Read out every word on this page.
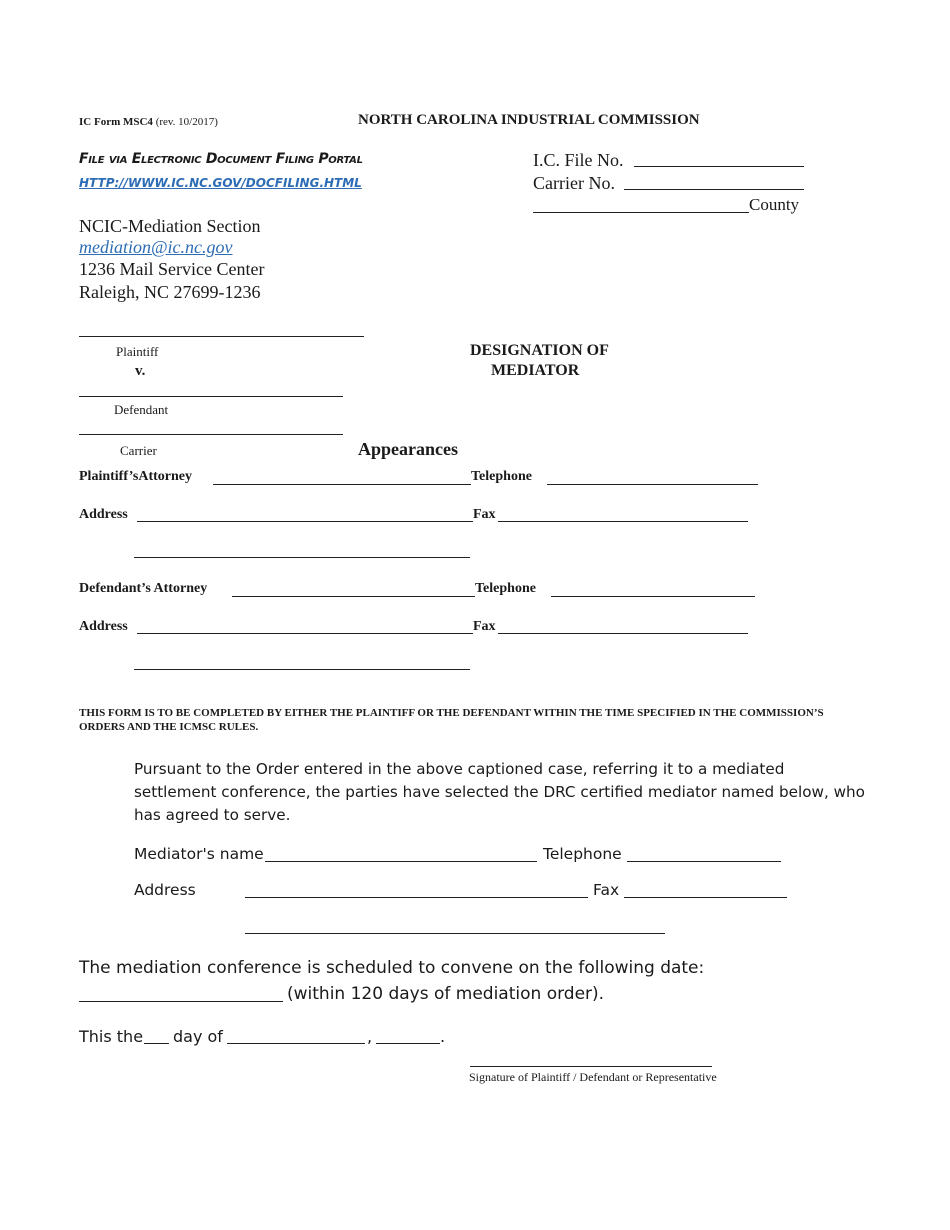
IC Form MSC4 (rev. 10/2017)	NORTH CAROLINA INDUSTRIAL COMMISSION
File via Electronic Document Filing Portal
HTTP://WWW.IC.NC.GOV/DOCFILING.HTML
I.C. File No.
Carrier No.
County
NCIC-Mediation Section
mediation@ic.nc.gov
1236 Mail Service Center
Raleigh, NC 27699-1236
Plaintiff
v.
Defendant
Carrier
DESIGNATION OF
MEDIATOR
Appearances
Plaintiff’sAttorney	Telephone
Address	Fax
Defendant’s Attorney	Telephone
Address	Fax
THIS FORM IS TO BE COMPLETED BY EITHER THE PLAINTIFF OR THE DEFENDANT WITHIN THE TIME SPECIFIED IN THE COMMISSION’S ORDERS AND THE ICMSC RULES.
Pursuant to the Order entered in the above captioned case, referring it to a mediated settlement conference, the parties have selected the DRC certified mediator named below, who has agreed to serve.
Mediator's name	Telephone
Address	Fax
The mediation conference is scheduled to convene on the following date:
(within 120 days of mediation order).
This the day of	,	.
Signature of Plaintiff / Defendant or Representative
